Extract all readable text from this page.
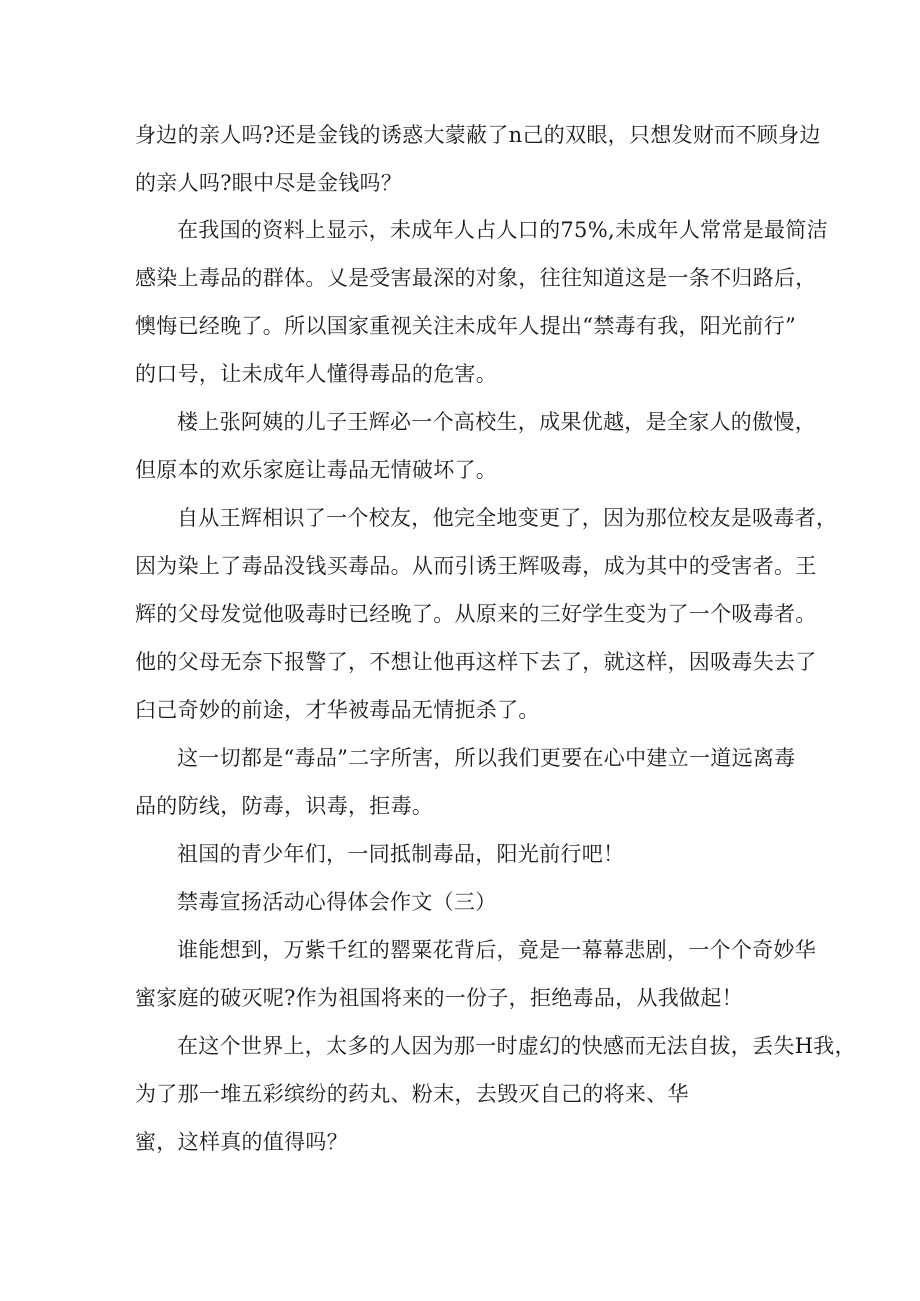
身边的亲人吗?还是金钱的诱惑大蒙蔽了n己的双眼，只想发财而不顾身边
的亲人吗?眼中尽是金钱吗？
在我国的资料上显示，未成年人占人口的75%,未成年人常常是最简洁
感染上毒品的群体。乂是受害最深的对象，往往知道这是一条不归路后，
懊悔已经晚了。所以国家重视关注未成年人提出“禁毒有我，阳光前行”
的口号，让未成年人懂得毒品的危害。
楼上张阿姨的儿子王辉必一个高校生，成果优越，是全家人的傲慢，
但原本的欢乐家庭让毒品无情破坏了。
自从王辉相识了一个校友，他完全地变更了，因为那位校友是吸毒者，
因为染上了毒品没钱买毒品。从而引诱王辉吸毒，成为其中的受害者。王
辉的父母发觉他吸毒时已经晚了。从原来的三好学生变为了一个吸毒者。
他的父母无奈下报警了，不想让他再这样下去了，就这样，因吸毒失去了
臼己奇妙的前途，才华被毒品无情扼杀了。
这一切都是“毒品”二字所害，所以我们更要在心中建立一道远离毒
品的防线，防毒，识毒，拒毒。
祖国的青少年们，一同抵制毒品，阳光前行吧！
禁毒宣扬活动心得体会作文（三）
谁能想到，万紫千红的罂粟花背后，竟是一幕幕悲剧，一个个奇妙华
蜜家庭的破灭呢?作为祖国将来的一份子，拒绝毒品，从我做起！
在这个世界上，太多的人因为那一时虚幻的快感而无法自拔，丢失H我，
为了那一堆五彩缤纷的药丸、粉末，去毁灭自己的将来、华
蜜，这样真的值得吗？
